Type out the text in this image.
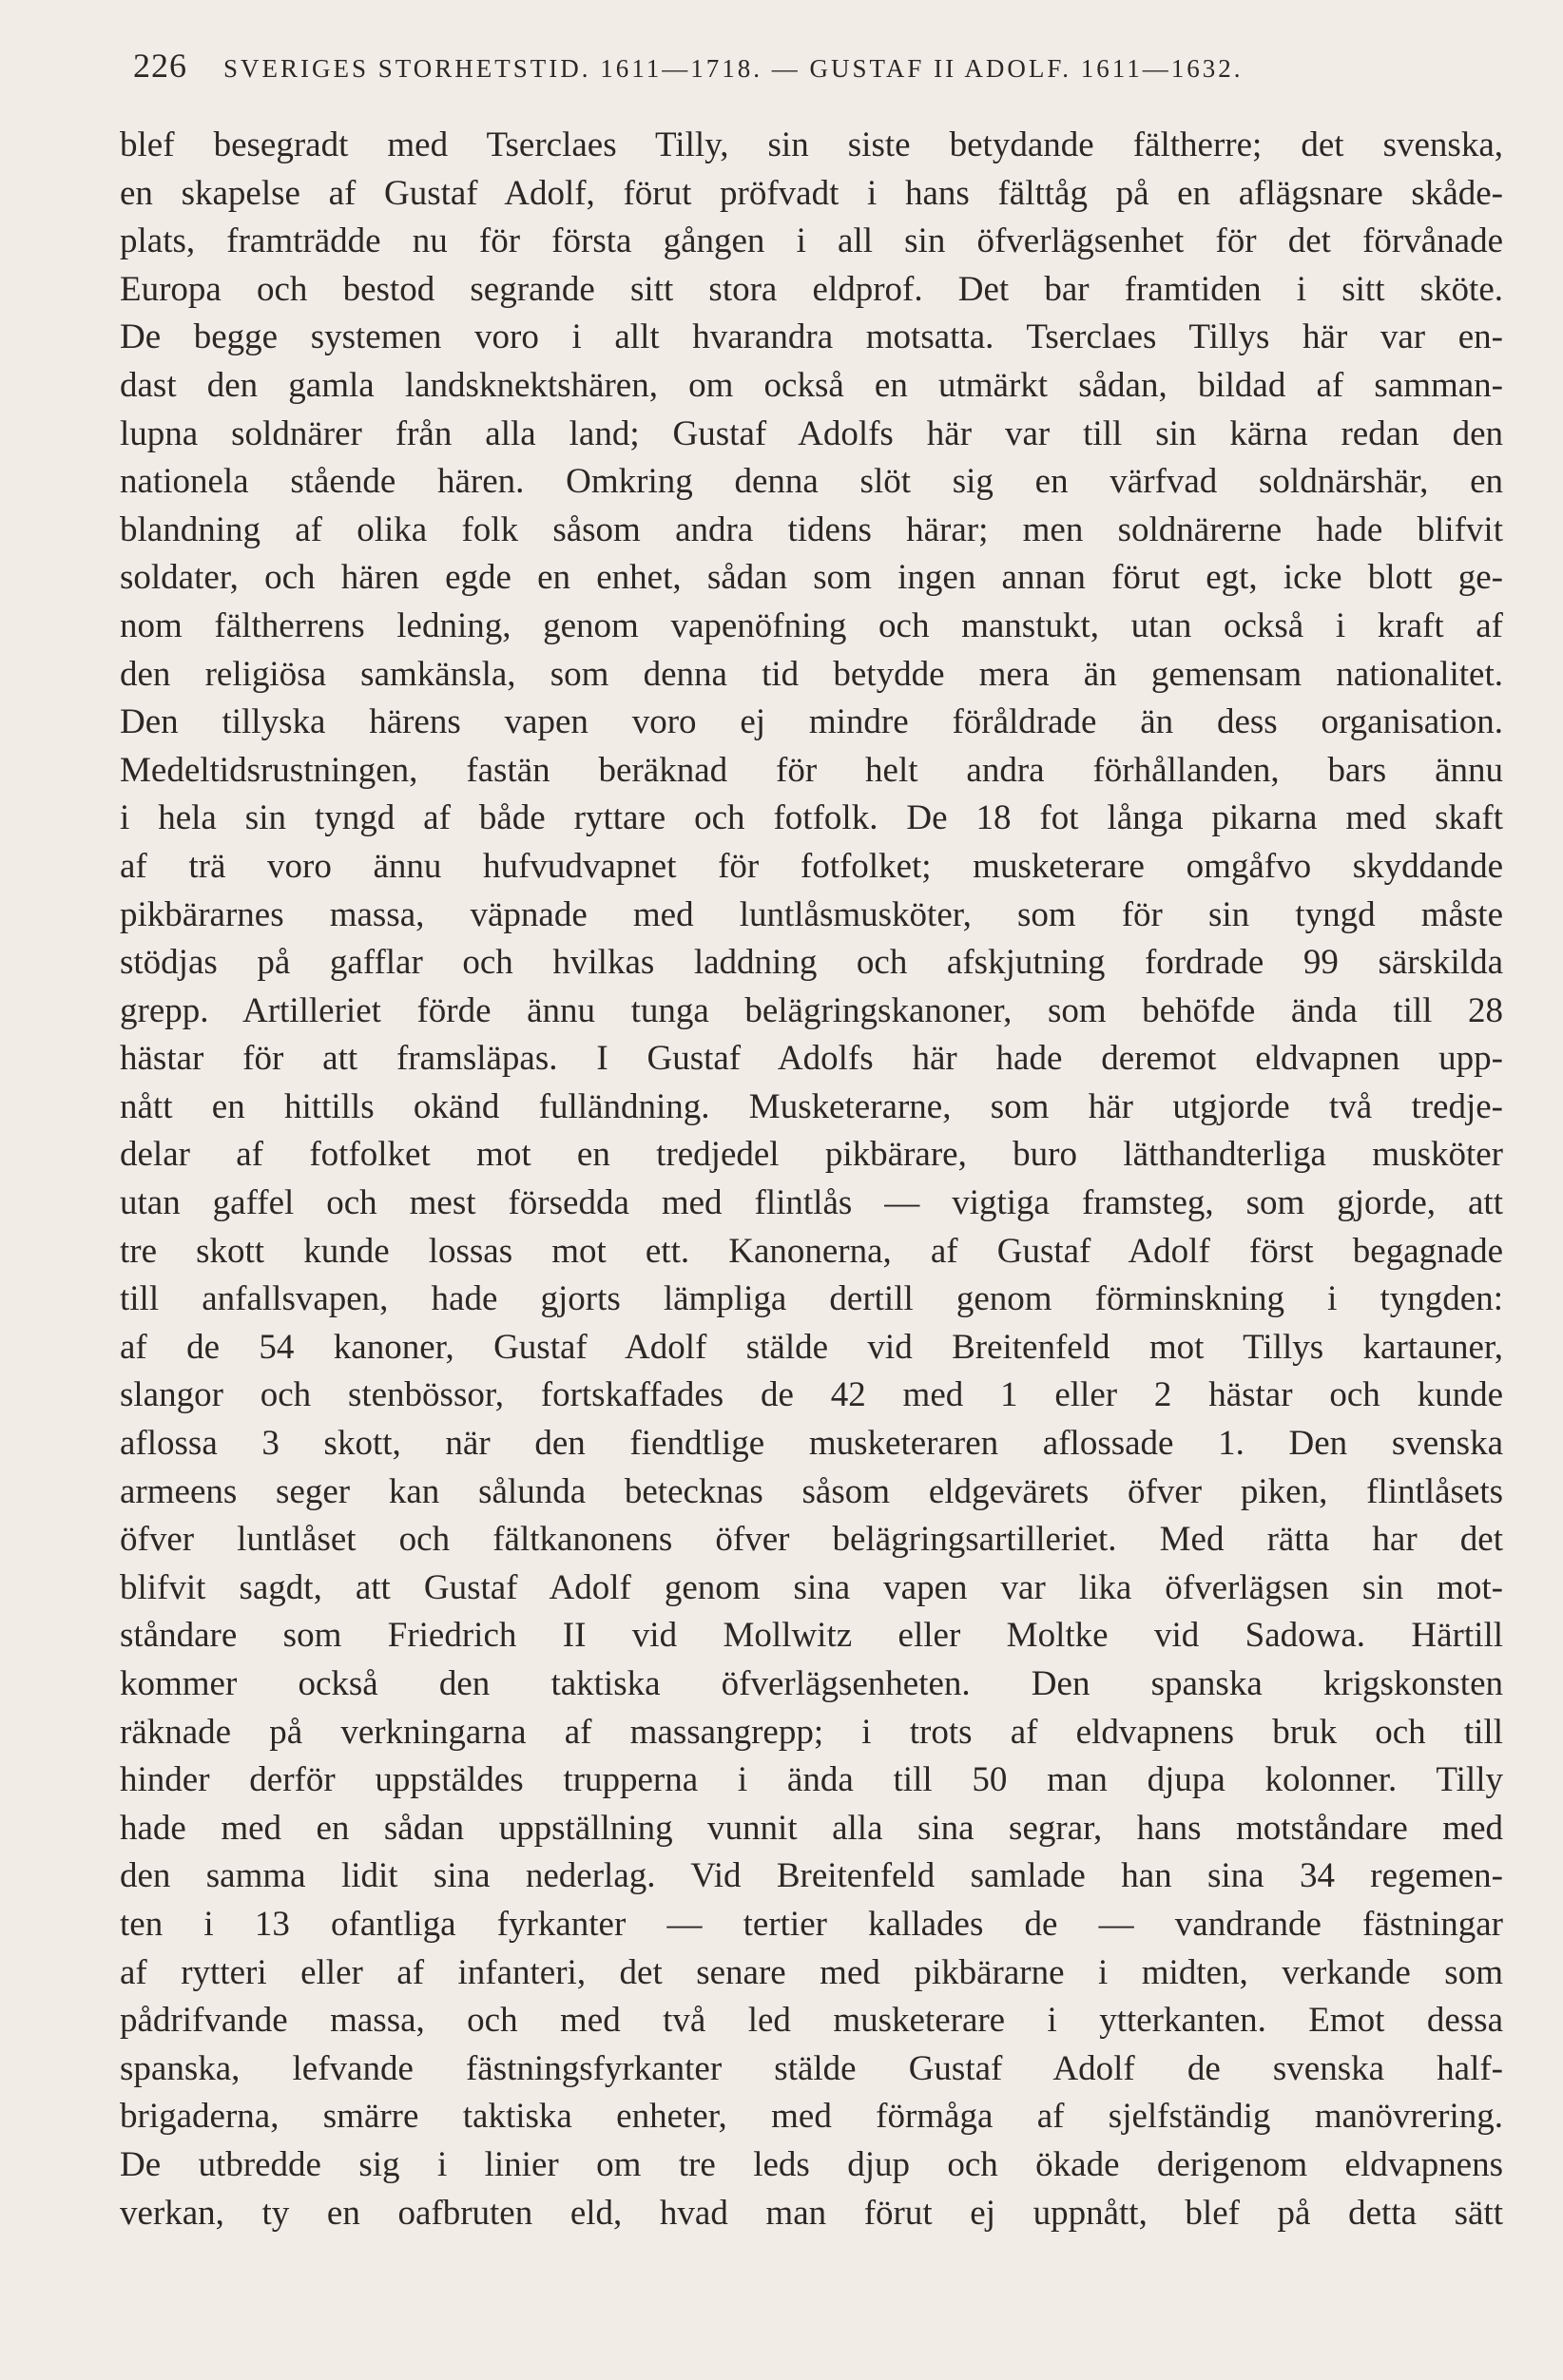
226 SVERIGES STORHETSTID. 1611—1718. — GUSTAF II ADOLF. 1611—1632.
blef besegradt med Tserclaes Tilly, sin siste betydande fältherre; det svenska,
en skapelse af Gustaf Adolf, förut pröfvadt i hans fälttåg på en aflägsnare skåde-
plats, framträdde nu för första gången i all sin öfverlägsenhet för det förvånade
Europa och bestod segrande sitt stora eldprof. Det bar framtiden i sitt sköte.
De begge systemen voro i allt hvarandra motsatta. Tserclaes Tillys här var en-
dast den gamla landsknektshären, om också en utmärkt sådan, bildad af samman-
lupna soldnärer från alla land; Gustaf Adolfs här var till sin kärna redan den
nationela stående hären. Omkring denna slöt sig en värfvad soldnärshär, en
blandning af olika folk såsom andra tidens härar; men soldnärerne hade blifvit
soldater, och hären egde en enhet, sådan som ingen annan förut egt, icke blott ge-
nom fältherrens ledning, genom vapenöfning och manstukt, utan också i kraft af
den religiösa samkänsla, som denna tid betydde mera än gemensam nationalitet.
Den tillyska härens vapen voro ej mindre föråldrade än dess organisation.
Medeltidsrustningen, fastän beräknad för helt andra förhållanden, bars ännu
i hela sin tyngd af både ryttare och fotfolk. De 18 fot långa pikarna med skaft
af trä voro ännu hufvudvapnet för fotfolket; musketerare omgåfvo skyddande
pikbärarnes massa, väpnade med luntlåsmusköter, som för sin tyngd måste
stödjas på gafflar och hvilkas laddning och afskjutning fordrade 99 särskilda
grepp. Artilleriet förde ännu tunga belägringskanoner, som behöfde ända till 28
hästar för att framsläpas. I Gustaf Adolfs här hade deremot eldvapnen upp-
nått en hittills okänd fulländning. Musketerarne, som här utgjorde två tredje-
delar af fotfolket mot en tredjedel pikbärare, buro lätthandterliga musköter
utan gaffel och mest försedda med flintlås — vigtiga framsteg, som gjorde, att
tre skott kunde lossas mot ett. Kanonerna, af Gustaf Adolf först begagnade
till anfallsvapen, hade gjorts lämpliga dertill genom förminskning i tyngden:
af de 54 kanoner, Gustaf Adolf stälde vid Breitenfeld mot Tillys kartauner,
slangor och stenbössor, fortskaffades de 42 med 1 eller 2 hästar och kunde
aflossa 3 skott, när den fiendtlige musketeraren aflossade 1. Den svenska
armeens seger kan sålunda betecknas såsom eldgevärets öfver piken, flintlåsets
öfver luntlåset och fältkanonens öfver belägringsartilleriet. Med rätta har det
blifvit sagdt, att Gustaf Adolf genom sina vapen var lika öfverlägsen sin mot-
ståndare som Friedrich II vid Mollwitz eller Moltke vid Sadowa. Härtill
kommer också den taktiska öfverlägsenheten. Den spanska krigskonsten
räknade på verkningarna af massangrepp; i trots af eldvapnens bruk och till
hinder derför uppstäldes trupperna i ända till 50 man djupa kolonner. Tilly
hade med en sådan uppställning vunnit alla sina segrar, hans motståndare med
den samma lidit sina nederlag. Vid Breitenfeld samlade han sina 34 regemen-
ten i 13 ofantliga fyrkanter — tertier kallades de — vandrande fästningar
af rytteri eller af infanteri, det senare med pikbärarne i midten, verkande som
pådrifvande massa, och med två led musketerare i ytterkanten. Emot dessa
spanska, lefvande fästningsfyrkanter stälde Gustaf Adolf de svenska half-
brigaderna, smärre taktiska enheter, med förmåga af sjelfständig manövrering.
De utbredde sig i linier om tre leds djup och ökade derigenom eldvapnens
verkan, ty en oafbruten eld, hvad man förut ej uppnått, blef på detta sätt
